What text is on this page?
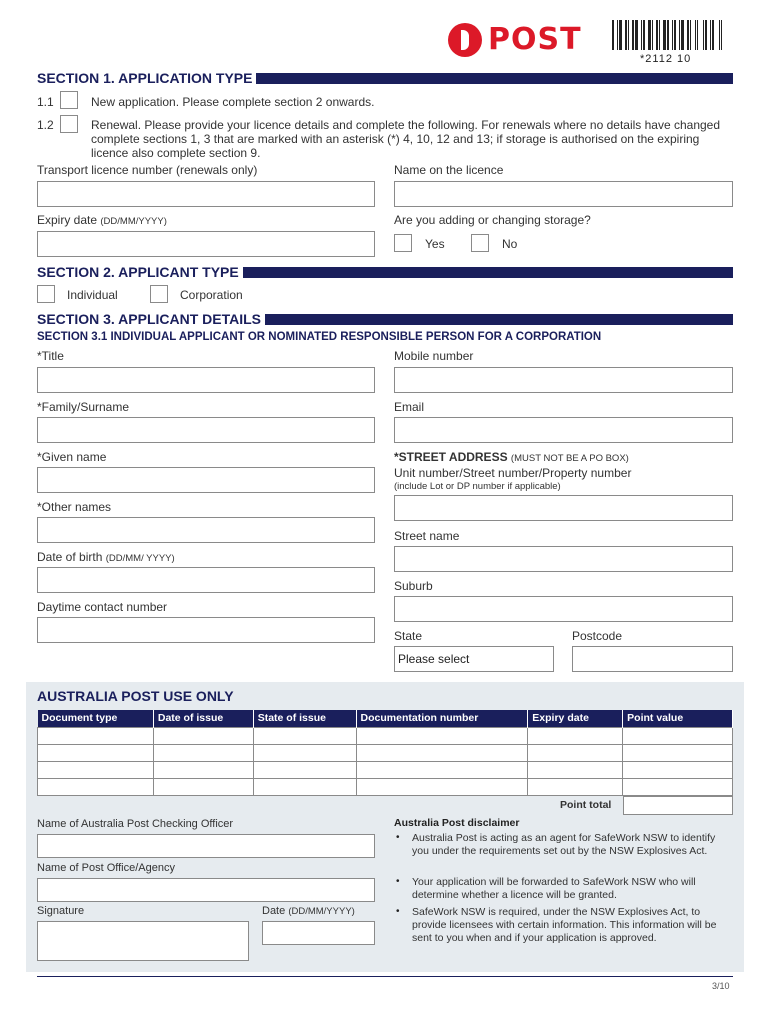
POST
*2112 10
SECTION 1. APPLICATION TYPE
1.1	New application. Please complete section 2 onwards.
1.2	Renewal. Please provide your licence details and complete the following. For renewals where no details have changed complete sections 1, 3 that are marked with an asterisk (*) 4, 10, 12 and 13; if storage is authorised on the expiring licence also complete section 9.
Transport licence number (renewals only)	Name on the licence
Expiry date (DD/MM/YYYY)	Are you adding or changing storage?
Yes	No
SECTION 2. APPLICANT TYPE
Individual	Corporation
SECTION 3. APPLICANT DETAILS
SECTION 3.1 INDIVIDUAL APPLICANT OR NOMINATED RESPONSIBLE PERSON FOR A CORPORATION
*Title
*Family/Surname
*Given name
*Other names
Date of birth (DD/MM/ YYYY)
Daytime contact number
Mobile number
Email
*STREET ADDRESS (MUST NOT BE A PO BOX)
Unit number/Street number/Property number
(include Lot or DP number if applicable)
Street name
Suburb
State
Please select
Postcode
AUSTRALIA POST USE ONLY
Document type	Date of issue	State of issue	Documentation number	Expiry date	Point value

Point total
Name of Australia Post Checking Officer
Name of Post Office/Agency
Signature	Date (DD/MM/YYYY)
Australia Post disclaimer
• Australia Post is acting as an agent for SafeWork NSW to identify you under the requirements set out by the NSW Explosives Act.
• Your application will be forwarded to SafeWork NSW who will determine whether a licence will be granted.
• SafeWork NSW is required, under the NSW Explosives Act, to provide licensees with certain information. This information will be sent to you when and if your application is approved.
3/10
